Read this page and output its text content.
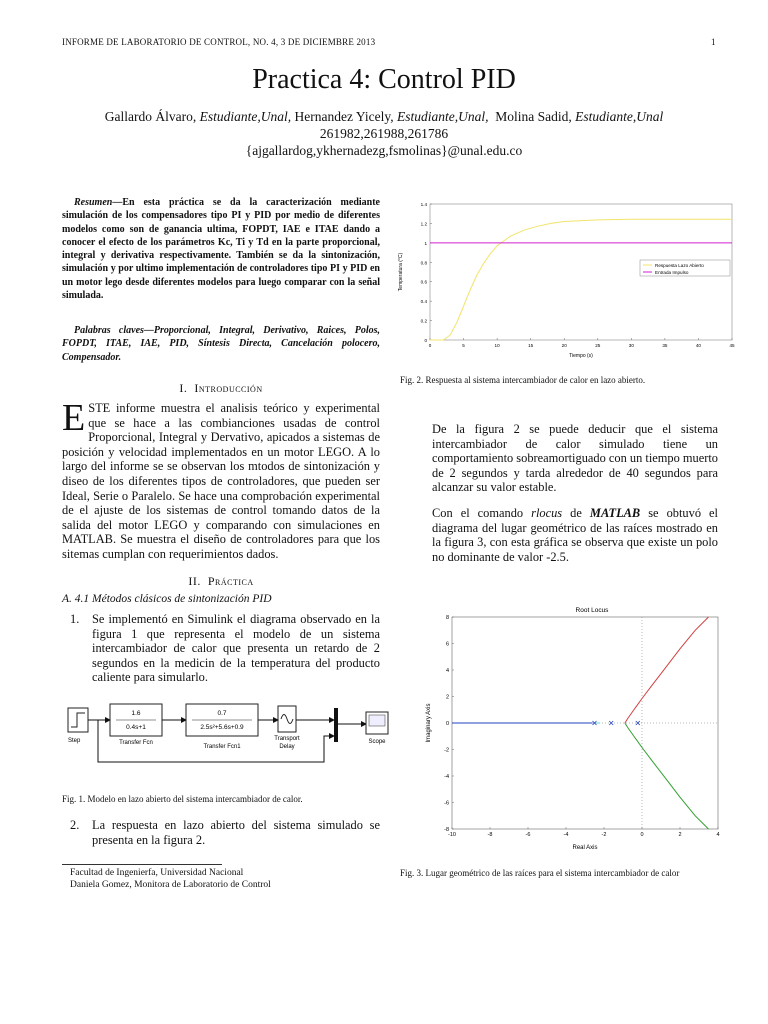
INFORME DE LABORATORIO DE CONTROL, NO. 4, 3 DE DICIEMBRE 2013	1
Practica 4: Control PID
Gallardo Álvaro, Estudiante,Unal, Hernandez Yicely, Estudiante,Unal, Molina Sadid, Estudiante,Unal
261982,261988,261786
{ajgallardog,ykhernadezg,fsmolinas}@unal.edu.co
Resumen—En esta práctica se da la caracterización mediante simulación de los compensadores tipo PI y PID por medio de diferentes modelos como son de ganancia ultima, FOPDT, IAE e ITAE dando a conocer el efecto de los parámetros Kc, Ti y Td en la parte proporcional, integral y derivativa respectivamente. También se da la sintonización, simulación y por ultimo implementación de controladores tipo PI y PID en un motor lego desde diferentes modelos para luego comparar con la señal simulada.
Palabras claves—Proporcional, Integral, Derivativo, Raices, Polos, FOPDT, ITAE, IAE, PID, Síntesis Directa, Cancelación polocero, Compensador.
I. Introducción
ESTE informe muestra el analisis teórico y experimental que se hace a las combianciones usadas de control Proporcional, Integral y Dervativo, apicados a sistemas de posición y velocidad implementados en un motor LEGO. A lo largo del informe se se observan los mtodos de sintonización y diseo de los diferentes tipos de controladores, que pueden ser Ideal, Serie o Paralelo. Se hace una comprobación experimental de el ajuste de los sistemas de control tomando datos de la salida del motor LEGO y comparando con simulaciones en MATLAB. Se muestra el diseño de controladores para que los sitemas cumplan con requerimientos dados.
II. Práctica
A. 4.1 Métodos clásicos de sintonización PID
1. Se implementó en Simulink el diagrama observado en la figura 1 que representa el modelo de un sistema intercambiador de calor que presenta un retardo de 2 segundos en la medicin de la temperatura del producto caliente para simularlo.
Step
1.6
0.4s+1
Transfer Fcn
0.7
2.5s²+5.6s+0.9
Transfer Fcn1
Transport
Delay
Scope
Fig. 1. Modelo en lazo abierto del sistema intercambiador de calor.
2. La respuesta en lazo abierto del sistema simulado se presenta en la figura 2.
Facultad de Ingenierfa, Universidad Nacional
Daniela Gomez, Monitora de Laboratorio de Control
0	5	10	15	20	25	30	35	40	45
0
0.2
0.4
0.6
0.8
1
1.2
1.4
Respuesta Lazo Abierto
Entrada Impulso
Tiempo (s)
Temperatura (°C)
Fig. 2. Respuesta al sistema intercambiador de calor en lazo abierto.
De la figura 2 se puede deducir que el sistema intercambiador de calor simulado tiene un comportamiento sobreamortiguado con un tiempo muerto de 2 segundos y tarda alrededor de 40 segundos para alcanzar su valor estable.
Con el comando rlocus de MATLAB se obtuvó el diagrama del lugar geométrico de las raíces mostrado en la figura 3, con esta gráfica se observa que existe un polo no dominante de valor -2.5.
Root Locus
-10	-8	-6	-4	-2	0	2	4
-8
-6
-4
-2
0
2
4
6
8
Real Axis
Imaginary Axis
Fig. 3. Lugar geométrico de las raíces para el sistema intercambiador de calor
